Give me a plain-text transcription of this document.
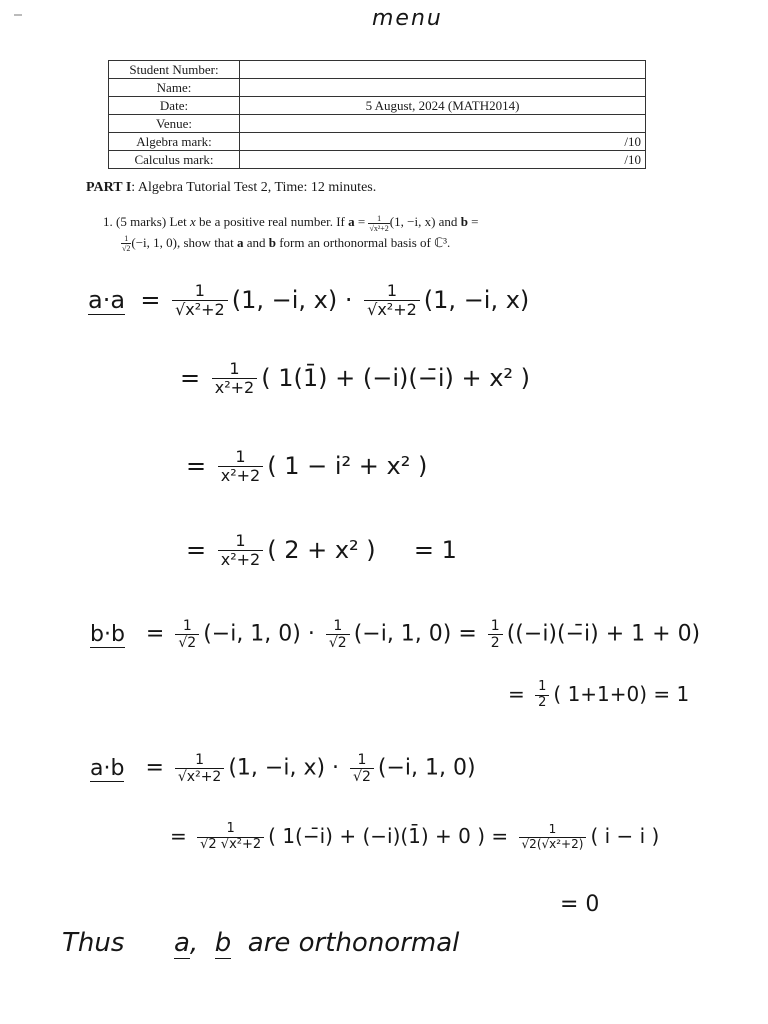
menu
Student Number:	
Name:	
Date:	5 August, 2024 (MATH2014)
Venue:	
Algebra mark:	/10
Calculus mark:	/10
PART I: Algebra Tutorial Test 2, Time: 12 minutes.
1. (5 marks) Let x be a positive real number. If $a = \frac{1}{\text{√x²+2}} (1$, −i, x) and b =

$\frac{1}{√2} (-i$, 1, 0), show that a and b form an orthonormal basis of ℂ³.
$a\cdot a = \frac{1}{\text{√x²+2}} (1$, −i, $x) \cdot \frac{1}{\text{√x²+2}} (1$, −i, x)
= $\frac{1}{\text{x²+2}}$ ( 1(1̄) + (−i)(−̄i) + x² )
= $\frac{1}{\text{x²+2}}$ ( 1 − i² + x² )
= $\frac{1}{\text{x²+2}}$ ( 2 + x² ) = 1
$b\cdot b = \frac{1}{√2} (-i$, 1, $0) \cdot \frac{1}{√2} (-i$, 1, $0) = \frac{1}{2}$ ((−i)(−̄i) + 1 + 0)
= $\frac{1}{2}$ ( 1+1+0) = 1
$a\cdot b = \frac{1}{\text{√x²+2}} (1$, −i, $x) \cdot \frac{1}{√2} (-i$, 1, 0)
= $\frac{1}{\text{√2 √x²+2}}$ ( 1(−̄i) + (−i)(1̄) + 0 ) = $\frac{1}{\text{√2(√x²+2)}}$ ( i − i )
= 0
Thus a, b are orthonormal
